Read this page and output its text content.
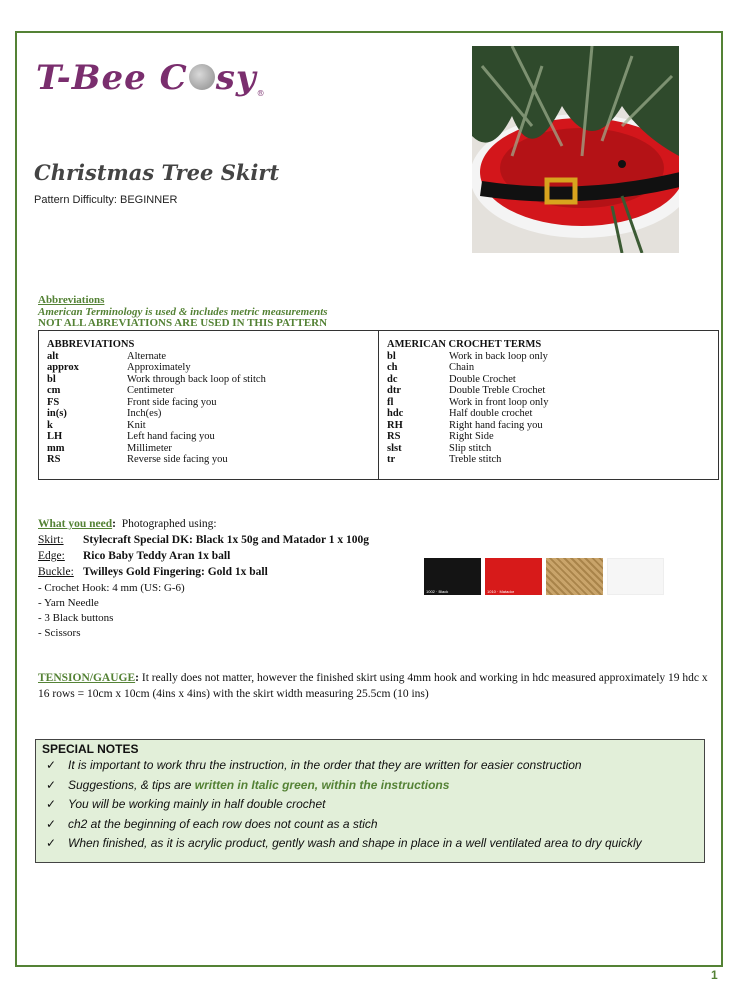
T-Bee C sy®
Christmas Tree Skirt
Pattern Difficulty: BEGINNER
Abbreviations
American Terminology is used & includes metric measurements
NOT ALL ABREVIATIONS ARE USED IN THIS PATTERN
ABBREVIATIONS
alt	Alternate
approx	Approximately
bl	Work through back loop of stitch
cm	Centimeter
FS	Front side facing you
in(s)	Inch(es)
k	Knit
LH	Left hand facing you
mm	Millimeter
RS	Reverse side facing you
AMERICAN CROCHET TERMS
bl	Work in back loop only
ch	Chain
dc	Double Crochet
dtr	Double Treble Crochet
fl	Work in front loop only
hdc	Half double crochet
RH	Right hand facing you
RS	Right Side
slst	Slip stitch
tr	Treble stitch
What you need: Photographed using:
Skirt: Stylecraft Special DK: Black 1x 50g and Matador 1 x 100g
Edge: Rico Baby Teddy Aran 1x ball
Buckle: Twilleys Gold Fingering: Gold 1x ball
- Crochet Hook: 4 mm (US: G-6)
- Yarn Needle
- 3 Black buttons
- Scissors
1002 · Black	1010 · Matador
TENSION/GAUGE: It really does not matter, however the finished skirt using 4mm hook and working in hdc measured approximately 19 hdc x 16 rows = 10cm x 10cm (4ins x 4ins) with the skirt width measuring 25.5cm (10 ins)
SPECIAL NOTES
✓ It is important to work thru the instruction, in the order that they are written for easier construction
✓ Suggestions, & tips are written in Italic green, within the instructions
✓ You will be working mainly in half double crochet
✓ ch2 at the beginning of each row does not count as a stich
✓ When finished, as it is acrylic product, gently wash and shape in place in a well ventilated area to dry quickly
1
